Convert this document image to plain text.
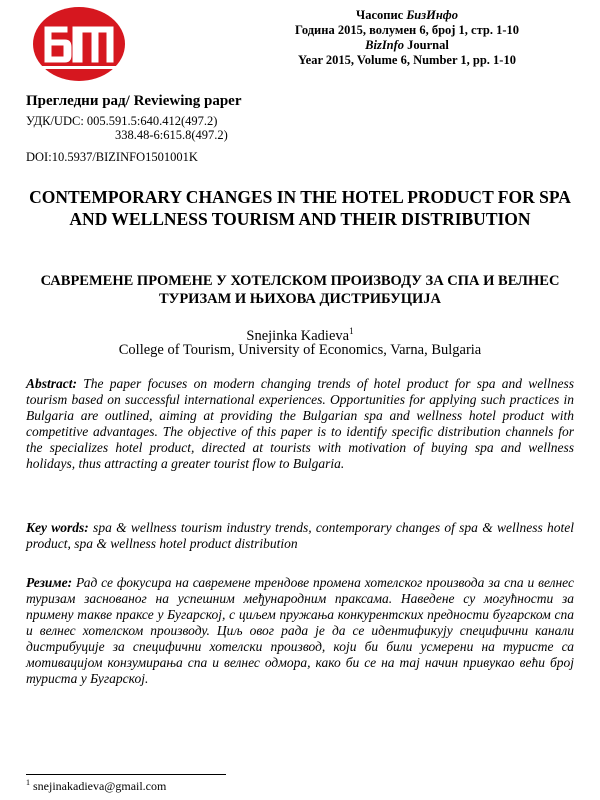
Часопис БизИнфо
Година 2015, волумен 6, број 1, стр. 1-10
BizInfo Journal
Year 2015, Volume 6, Number 1, pp. 1-10
Прегледни рад/ Reviewing paper
УДК/UDC: 005.591.5:640.412(497.2)
338.48-6:615.8(497.2)
DOI:10.5937/BIZINFO1501001K
CONTEMPORARY CHANGES IN THE HOTEL PRODUCT FOR SPA AND WELLNESS TOURISM AND THEIR DISTRIBUTION
САВРЕМЕНЕ ПРОМЕНЕ У ХОТЕЛСКОМ ПРОИЗВОДУ ЗА СПА И ВЕЛНЕС ТУРИЗАМ И ЊИХОВА ДИСТРИБУЦИЈА
Snejinka Kadieva$^1$
College of Tourism, University of Economics, Varna, Bulgaria
Abstract: The paper focuses on modern changing trends of hotel product for spa and wellness tourism based on successful international experiences. Opportunities for applying such practices in Bulgaria are outlined, aiming at providing the Bulgarian spa and wellness hotel product with competitive advantages. The objective of this paper is to identify specific distribution channels for the specializes hotel product, directed at tourists with motivation of buying spa and wellness holidays, thus attracting a greater tourist flow to Bulgaria.
Key words: spa & wellness tourism industry trends, contemporary changes of spa & wellness hotel product, spa & wellness hotel product distribution
Резиме: Рад се фокусира на савремене трендове промена хотелског производа за спа и велнес туризам заснованог на успешним међународним праксама. Наведене су могућности за примену такве праксе у Бугарској, с циљем пружања конкурентских предности бугарском спа и велнес хотелском производу. Циљ овог рада је да се идентификују специфични канали дистрибуције за специфични хотелски производ, који би били усмерени на туристе са мотивацијом конзумирања спа и велнес одмора, како би се на тај начин привукао већи број туриста у Бугарској.
$^1$ snejinakadieva@gmail.com
